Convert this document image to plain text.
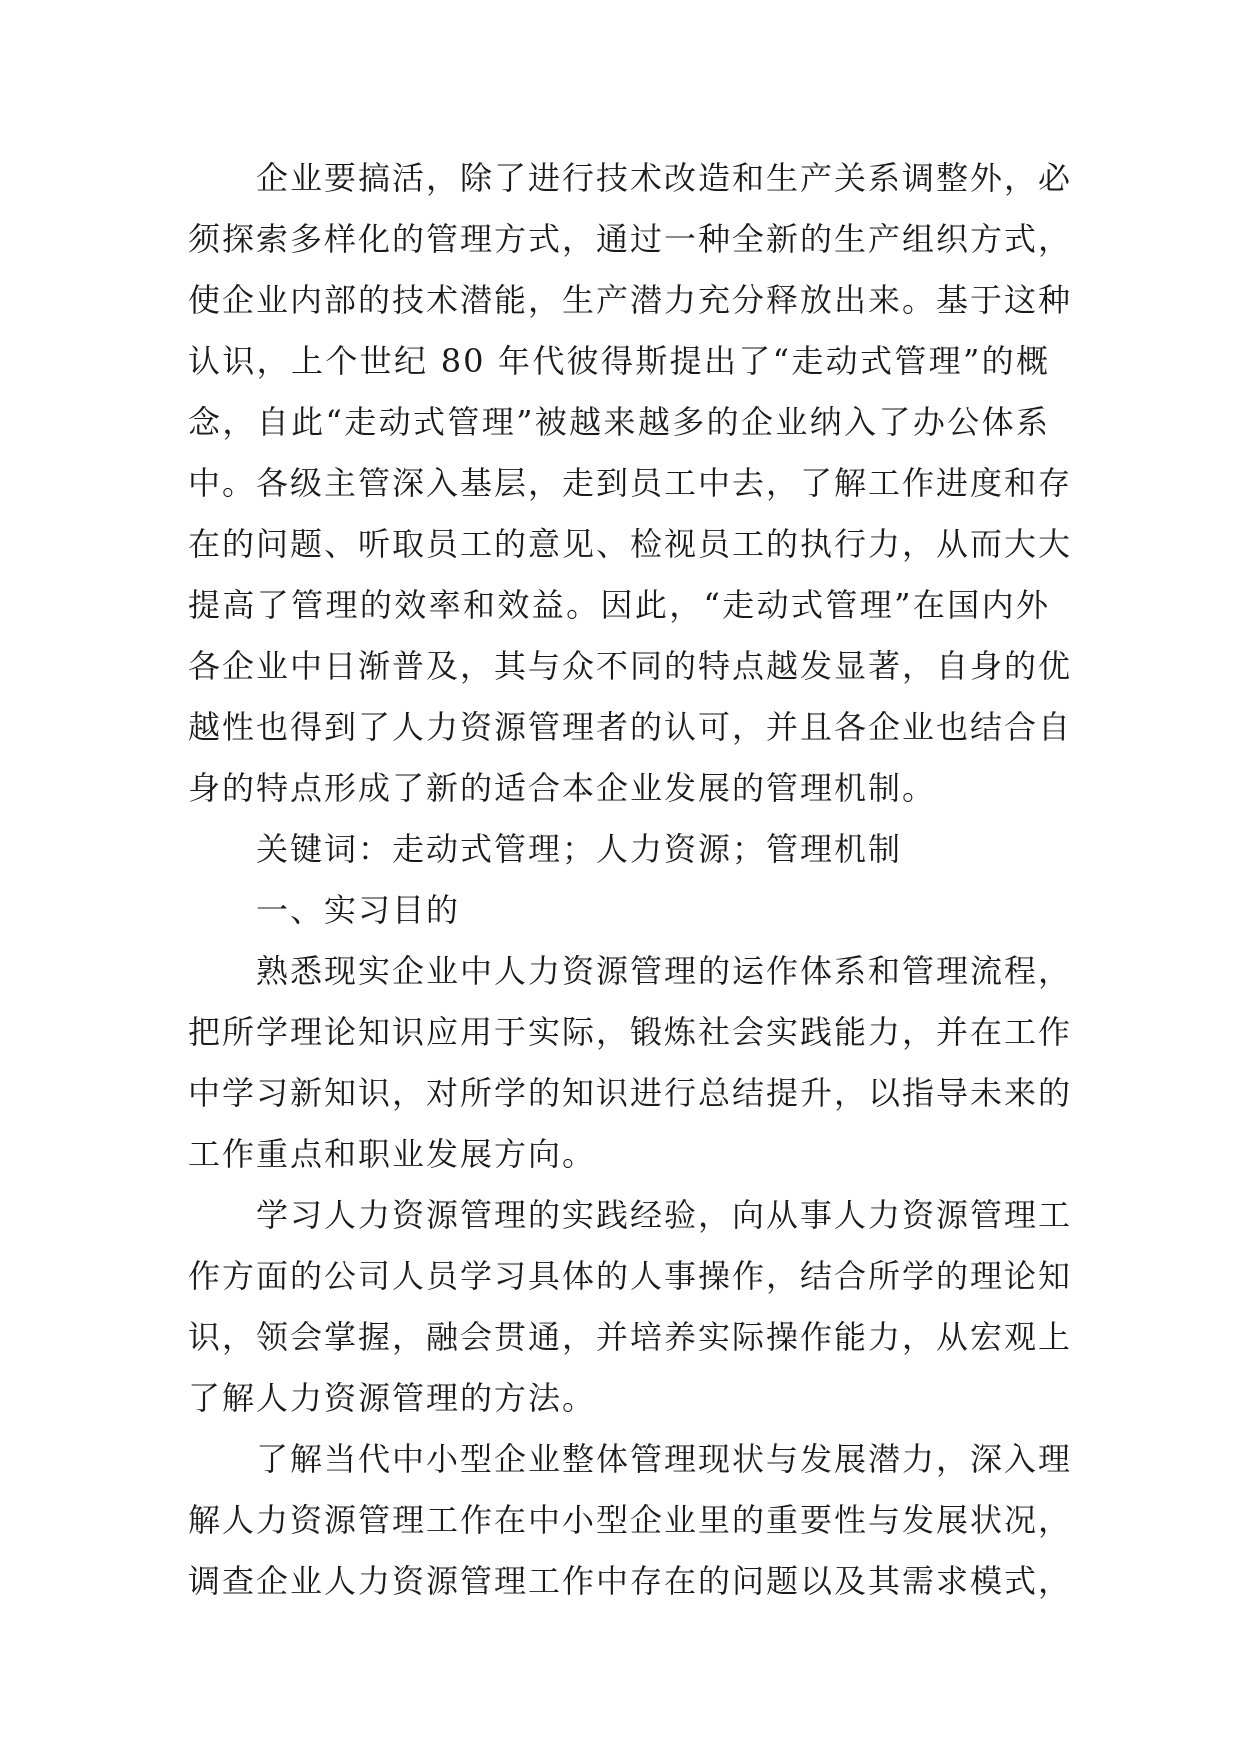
企业要搞活，除了进行技术改造和生产关系调整外，必
须探索多样化的管理方式，通过一种全新的生产组织方式，
使企业内部的技术潜能，生产潜力充分释放出来。基于这种
认识，上个世纪 80 年代彼得斯提出了“走动式管理”的概
念，自此“走动式管理”被越来越多的企业纳入了办公体系
中。各级主管深入基层，走到员工中去，了解工作进度和存
在的问题、听取员工的意见、检视员工的执行力，从而大大
提高了管理的效率和效益。因此，“走动式管理”在国内外
各企业中日渐普及，其与众不同的特点越发显著，自身的优
越性也得到了人力资源管理者的认可，并且各企业也结合自
身的特点形成了新的适合本企业发展的管理机制。
关键词：走动式管理；人力资源；管理机制
一、实习目的
熟悉现实企业中人力资源管理的运作体系和管理流程，
把所学理论知识应用于实际，锻炼社会实践能力，并在工作
中学习新知识，对所学的知识进行总结提升，以指导未来的
工作重点和职业发展方向。
学习人力资源管理的实践经验，向从事人力资源管理工
作方面的公司人员学习具体的人事操作，结合所学的理论知
识，领会掌握，融会贯通，并培养实际操作能力，从宏观上
了解人力资源管理的方法。
了解当代中小型企业整体管理现状与发展潜力，深入理
解人力资源管理工作在中小型企业里的重要性与发展状况，
调查企业人力资源管理工作中存在的问题以及其需求模式，
